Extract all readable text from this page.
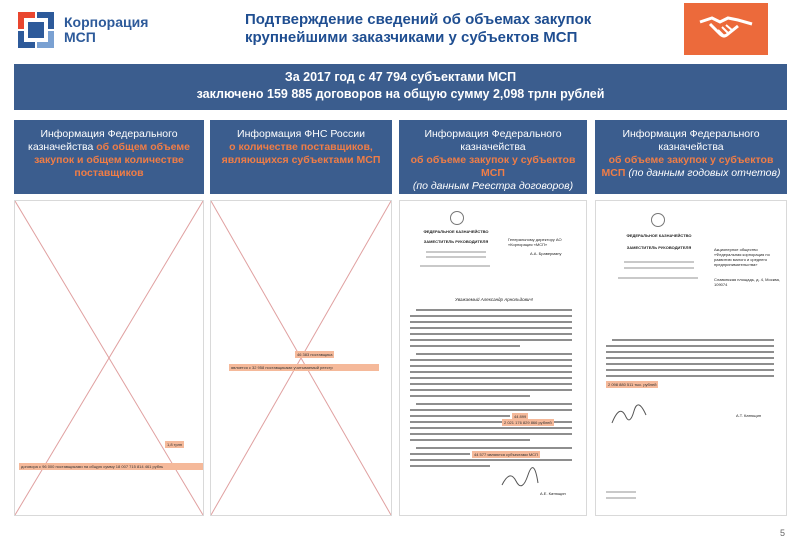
Корпорация
МСП
Подтверждение сведений об объемах закупок
крупнейшими заказчиками у субъектов МСП
За 2017 год с 47 794 субъектами МСП
заключено 159 885 договоров на общую сумму 2,098 трлн рублей
Информация Федерального казначейства об общем объеме закупок и общем количестве поставщиков
Информация ФНС России
о количестве поставщиков, являющихся субъектами МСП
Информация Федерального казначейства
об объеме закупок у субъектов МСП
(по данным Реестра договоров)
Информация Федерального казначейства
об объеме закупок у субъектов МСП (по данным годовых отчетов)
1,8 трлн
договора с 96 000 поставщиками на общую сумму 18 007 715 814 461 рубль
46 383 поставщика
является с 32 958 поставщиками учитываемый реестр
ФЕДЕРАЛЬНОЕ КАЗНАЧЕЙСТВО
ЗАМЕСТИТЕЛЬ РУКОВОДИТЕЛЯ	Генеральному директору АО «Корпорация «МСП»
А.А. Браверману
Уважаемый Александр Арнольдович!
44 899
2 021 176 829 866 рублей
44 577 являются субъектами МСП
А.Е. Катющин
ФЕДЕРАЛЬНОЕ КАЗНАЧЕЙСТВО
ЗАМЕСТИТЕЛЬ РУКОВОДИТЕЛЯ	Акционерное общество «Федеральная корпорация по развитию малого и среднего предпринимательства»
Славянская площадь, д. 4, Москва, 109074
2 098 880 511 тыс. рублей
А.Т. Катющин
5
